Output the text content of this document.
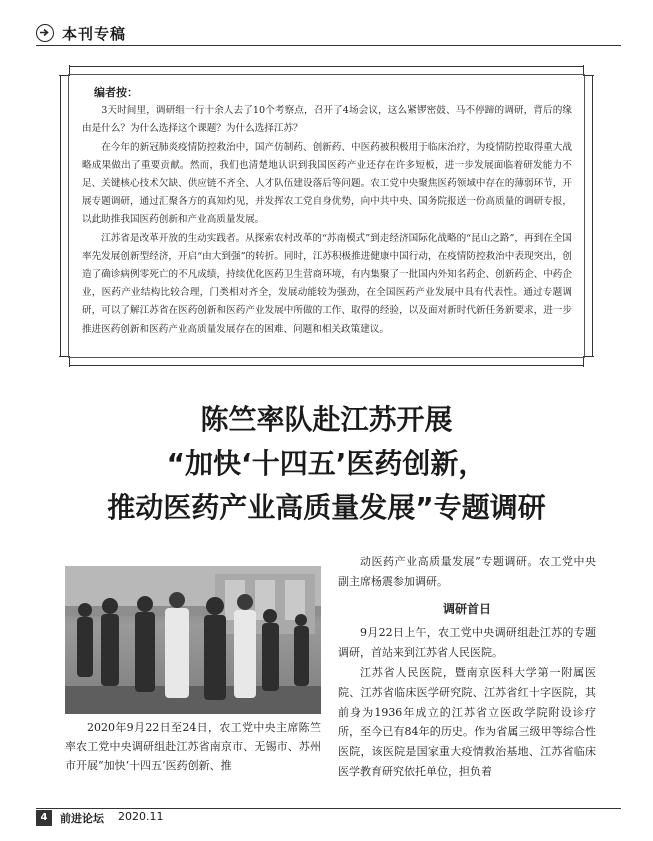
本刊专稿
编者按：

3天时间里，调研组一行十余人去了10个考察点，召开了4场会议，这么紧锣密鼓、马不停蹄的调研，背后的缘由是什么？为什么选择这个课题？为什么选择江苏？

在今年的新冠肺炎疫情防控救治中，国产仿制药、创新药、中医药被积极用于临床治疗，为疫情防控取得重大战略成果做出了重要贡献。然而，我们也清楚地认识到我国医药产业还存在许多短板，进一步发展面临着研发能力不足、关键核心技术欠缺、供应链不齐全、人才队伍建设落后等问题。农工党中央聚焦医药领域中存在的薄弱环节，开展专题调研，通过汇聚各方的真知灼见，并发挥农工党自身优势，向中共中央、国务院报送一份高质量的调研专报，以此助推我国医药创新和产业高质量发展。

江苏省是改革开放的生动实践者。从探索农村改革的“苏南模式”到走经济国际化战略的“昆山之路”，再到在全国率先发展创新型经济，开启“由大到强”的转折。同时，江苏积极推进健康中国行动，在疫情防控救治中表现突出，创造了确诊病例零死亡的不凡成绩，持续优化医药卫生营商环境，有内集聚了一批国内外知名药企、创新药企、中药企业，医药产业结构比较合理，门类相对齐全，发展动能较为强劲，在全国医药产业发展中具有代表性。通过专题调研，可以了解江苏省在医药创新和医药产业发展中所做的工作、取得的经验，以及面对新时代新任务新要求，进一步推进医药创新和医药产业高质量发展存在的困难、问题和相关政策建议。

陈竺率队赴江苏开展
“加快‘十四五’医药创新，
推动医药产业高质量发展”专题调研
2020年9月22日至24日，农工党中央主席陈竺率农工党中央调研组赴江苏省南京市、无锡市、苏州市开展“加快‘十四五’医药创新、推

动医药产业高质量发展”专题调研。农工党中央副主席杨震参加调研。

调研首日

9月22日上午，农工党中央调研组赴江苏的专题调研，首站来到江苏省人民医院。

江苏省人民医院，暨南京医科大学第一附属医院、江苏省临床医学研究院、江苏省红十字医院，其前身为1936年成立的江苏省立医政学院附设诊疗所，至今已有84年的历史。作为省属三级甲等综合性医院，该医院是国家重大疫情救治基地、江苏省临床医学教育研究依托单位，担负着

4	前进论坛 2020.11
